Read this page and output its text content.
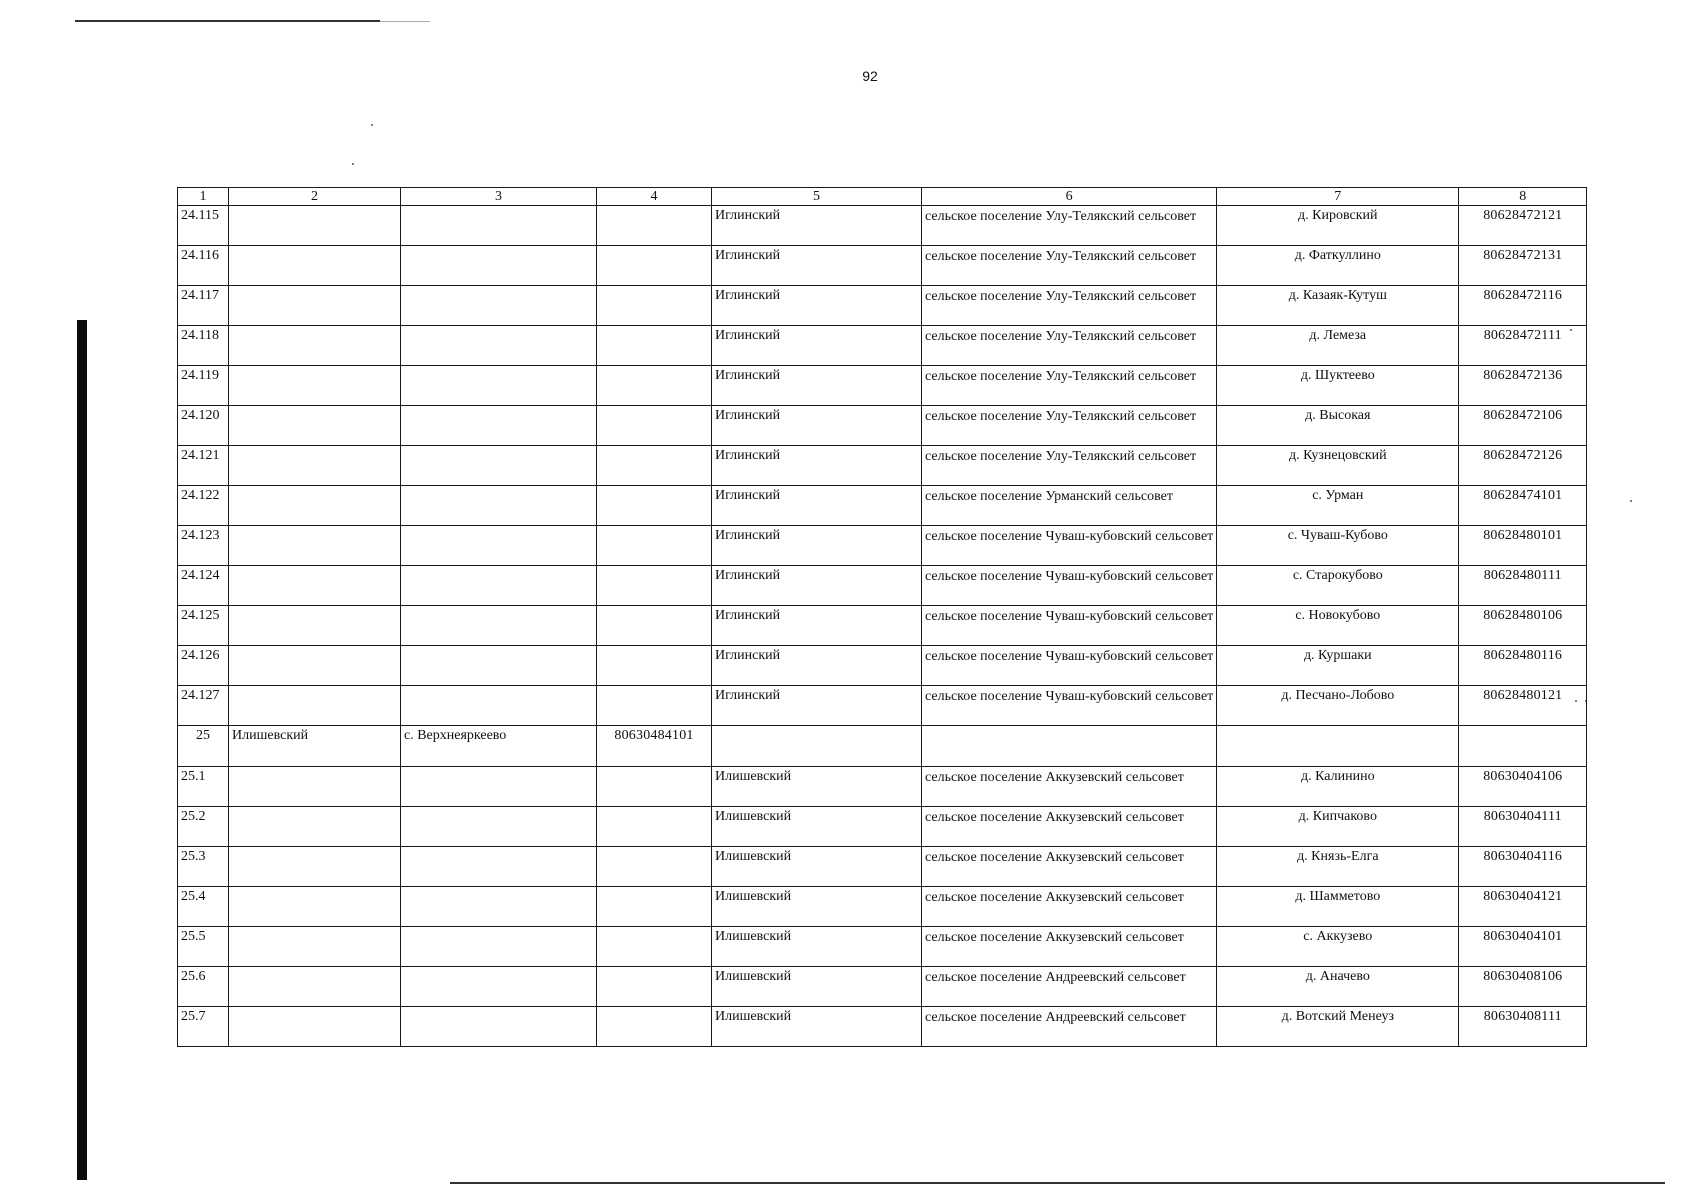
92
1	2	3	4	5	6	7	8
24.115				Иглинский	сельское поселение Улу-Телякский сельсовет	д. Кировский	80628472121
24.116				Иглинский	сельское поселение Улу-Телякский сельсовет	д. Фаткуллино	80628472131
24.117				Иглинский	сельское поселение Улу-Телякский сельсовет	д. Казаяк-Кутуш	80628472116
24.118				Иглинский	сельское поселение Улу-Телякский сельсовет	д. Лемеза	80628472111
24.119				Иглинский	сельское поселение Улу-Телякский сельсовет	д. Шуктеево	80628472136
24.120				Иглинский	сельское поселение Улу-Телякский сельсовет	д. Высокая	80628472106
24.121				Иглинский	сельское поселение Улу-Телякский сельсовет	д. Кузнецовский	80628472126
24.122				Иглинский	сельское поселение Урманский сельсовет	с. Урман	80628474101
24.123				Иглинский	сельское поселение Чуваш-кубовский сельсовет	с. Чуваш-Кубово	80628480101
24.124				Иглинский	сельское поселение Чуваш-кубовский сельсовет	с. Старокубово	80628480111
24.125				Иглинский	сельское поселение Чуваш-кубовский сельсовет	с. Новокубово	80628480106
24.126				Иглинский	сельское поселение Чуваш-кубовский сельсовет	д. Куршаки	80628480116
24.127				Иглинский	сельское поселение Чуваш-кубовский сельсовет	д. Песчано-Лобово	80628480121
25	Илишевский	с. Верхнеяркеево	80630484101				
25.1				Илишевский	сельское поселение Аккузевский сельсовет	д. Калинино	80630404106
25.2				Илишевский	сельское поселение Аккузевский сельсовет	д. Кипчаково	80630404111
25.3				Илишевский	сельское поселение Аккузевский сельсовет	д. Князь-Елга	80630404116
25.4				Илишевский	сельское поселение Аккузевский сельсовет	д. Шамметово	80630404121
25.5				Илишевский	сельское поселение Аккузевский сельсовет	с. Аккузево	80630404101
25.6				Илишевский	сельское поселение Андреевский сельсовет	д. Аначево	80630408106
25.7				Илишевский	сельское поселение Андреевский сельсовет	д. Вотский Менеуз	80630408111
